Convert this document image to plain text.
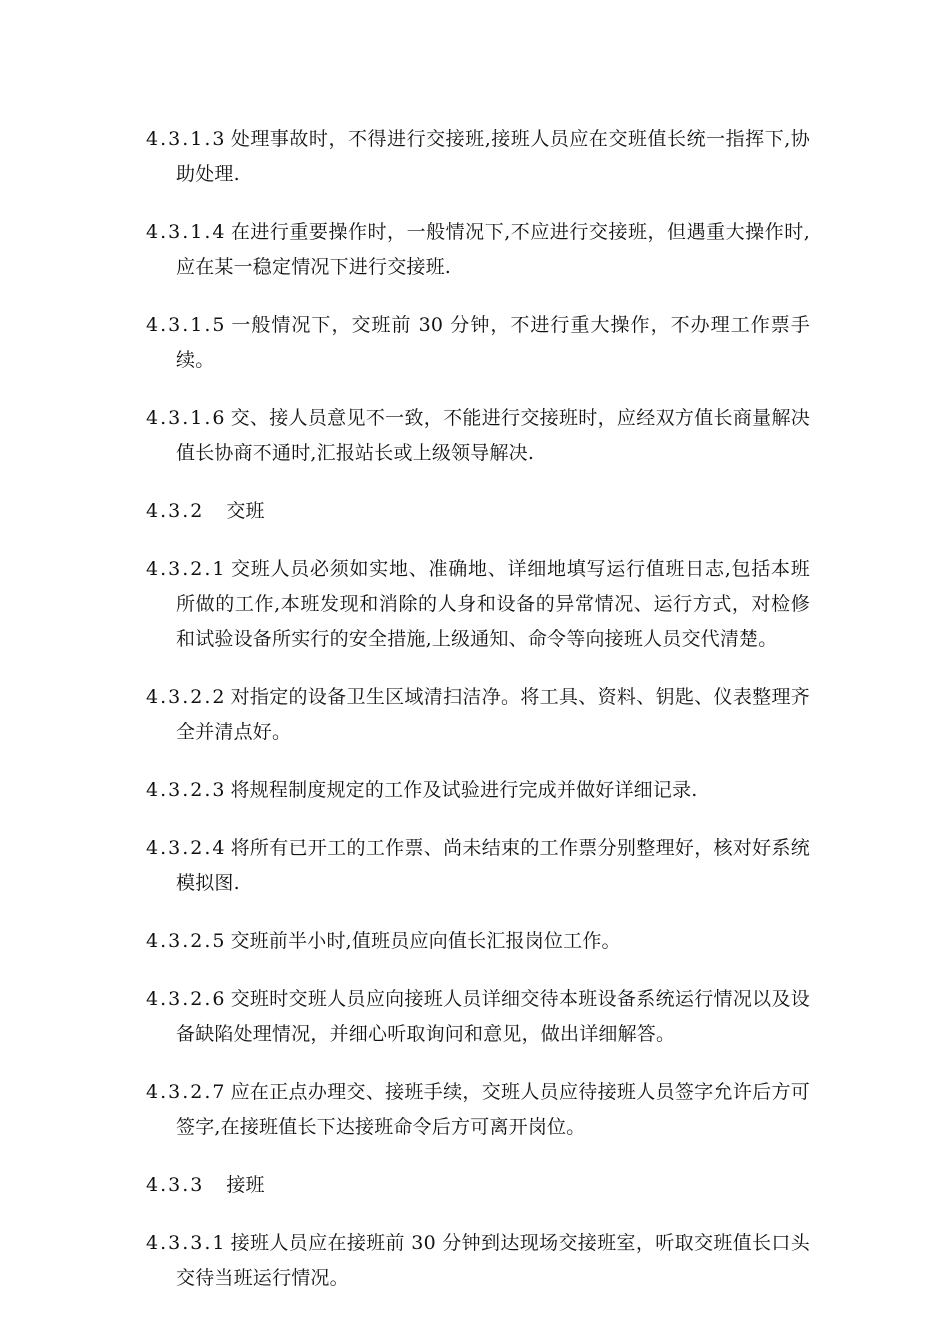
4.3.1.3 处理事故时，不得进行交接班,接班人员应在交班值长统一指挥下,协助处理.
4.3.1.4 在进行重要操作时，一般情况下,不应进行交接班，但遇重大操作时,应在某一稳定情况下进行交接班.
4.3.1.5 一般情况下，交班前 30 分钟，不进行重大操作，不办理工作票手续。
4.3.1.6 交、接人员意见不一致，不能进行交接班时，应经双方值长商量解决值长协商不通时,汇报站长或上级领导解决.
4.3.2 交班
4.3.2.1 交班人员必须如实地、准确地、详细地填写运行值班日志,包括本班所做的工作,本班发现和消除的人身和设备的异常情况、运行方式，对检修和试验设备所实行的安全措施,上级通知、命令等向接班人员交代清楚。
4.3.2.2 对指定的设备卫生区域清扫洁净。将工具、资料、钥匙、仪表整理齐全并清点好。
4.3.2.3 将规程制度规定的工作及试验进行完成并做好详细记录.
4.3.2.4 将所有已开工的工作票、尚未结束的工作票分别整理好，核对好系统模拟图.
4.3.2.5 交班前半小时,值班员应向值长汇报岗位工作。
4.3.2.6 交班时交班人员应向接班人员详细交待本班设备系统运行情况以及设备缺陷处理情况，并细心听取询问和意见，做出详细解答。
4.3.2.7 应在正点办理交、接班手续，交班人员应待接班人员签字允许后方可签字,在接班值长下达接班命令后方可离开岗位。
4.3.3 接班
4.3.3.1 接班人员应在接班前 30 分钟到达现场交接班室，听取交班值长口头交待当班运行情况。
